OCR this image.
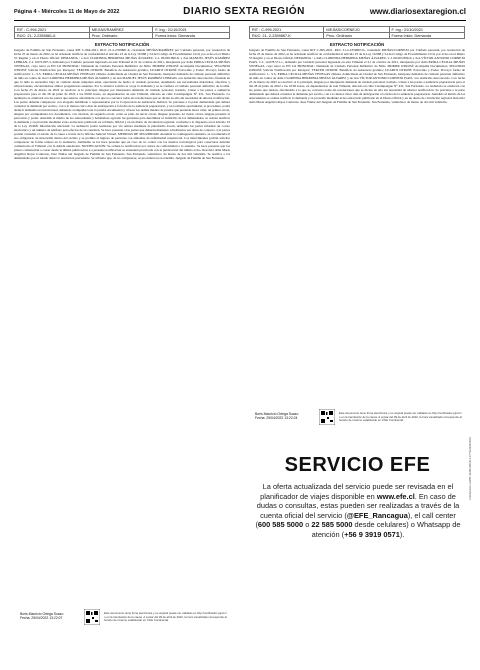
Página 4 - Miércoles 11 de Mayo de 2022	DIARIO SEXTA REGIÓN	www.diariosextaregion.cl
RIT : C-994-2021	MEJÍAS/RAMÍREZ	F. Ing.: 21/10/2021
RUC: 21- 2-2359861-6	Proc. Ordinario	Forma Inicio: Demanda
EXTRACTO NOTIFICACIÓN

Juzgado de Familia de San Fernando, causa RIT C-994-2021, RUC 21-2-2359861-6, caratulada MEJÍAS/RAMÍREZ por Cuidado personal, por resolución de fecha 25 de marzo de 2022, se ha ordenado notificar de conformidad al artículo 23 de la Ley 19.968 y 54 del Código de Procedimiento Civil, por aviso en el Diario VI Región y en el Diario Oficial: DEMANDA : a don CLORINDA HERMINIA MEJÍAS ÁLVAREZ, C.I. 06.065.890-K y don MANUEL JESÚS RAMÍREZ LEBRAN, C.I. 9.672.697-3, demanda por Cuidado personal ingresada en este Tribunal el 21 de octubre de 2021, interpuesta por doña ERIKA CECILIA MEJÍAS VENEGAS, cuyo tenor es EN LO PRINCIPAL: Demanda de Cuidado Personal Definitivo de Niño. PRIMER OTROSÍ: Acompaña Documentos; SEGUNDO OTROSÍ: Solicita Notificación por Receptor; TERCER OTROSÍ: Beneficio de Asistencia gratuita; CUARTO OTROSÍ: Patrocinio y Poder. Proveyó forma de notificación: 1.- S.S. ERIKA CECILIA MEJÍAS VENEGAS chilena, domiciliada en Ciudad de San Fernando, interpone demanda de cuidado personal definitivo de niño en contra de don CLORINDA HERMINIA MEJÍAS ÁLVAREZ y de don MANUEL JESÚS RAMÍREZ LEBRAN, con domicilio desconocido, fundada en que la niña se encuentra bajo su cuidado desde temprana edad, ejerciendo de hecho el cuidado personal, atendiendo sus necesidades materiales, afectivas y educacionales, encontrándose ambos progenitores ausentes. Por lo anterior solicita se acoja la demanda y se le confiera el cuidado personal definitivo de la niña. Con fecha 25 de marzo de 2022 se resolvió: A lo principal, téngase por interpuesta demanda de cuidado personal; traslado. Cítese a las partes a audiencia preparatoria para el día 28 de junio de 2022 a las 09:00 horas, en dependencias de este Tribunal, ubicado en calle Carampangue N° 431, San Fernando. La audiencia se celebrará con las partes que asistan, afectándole a la que no concurra todas las resoluciones que se dicten en ella sin necesidad de ulterior notificación. Las partes deberán comparecer con abogado habilitado o representadas por la Corporación de Asistencia Judicial. Se previene a la parte demandada que deberá contestar la demanda por escrito, con a lo menos cinco días de anticipación a la fecha de la audiencia preparatoria, y en la misma oportunidad, si procediere, podrá deducir demanda reconvencional, debiendo acompañar toda la prueba documental y ofrecer los demás medios de prueba que pretenda hacer valer. Al primer otrosí, téngase por acompañados los documentos, con citación. Al segundo otrosí, como se pide. Al tercer otrosí, téngase presente. Al cuarto otrosí, téngase presente el patrocinio y poder. Atendido el mérito de los antecedentes y habiéndose agotado las gestiones para determinar el domicilio de los demandados, se ordena notificar la demanda y su proveído mediante aviso extractado publicado en el Diario Oficial y en un diario de circulación regional, conforme a lo dispuesto en el artículo 23 de la Ley 19.968. Información adicional: La audiencia podrá realizarse por vía remota mediante la plataforma Zoom, debiendo las partes informar un correo electrónico y un número de teléfono para efectos de su conexión. Se hace presente a las partes que deberán mantener actualizados sus datos de contacto. Las partes podrán consultar el estado de la causa a través de la Oficina Judicial Virtual. MEDIDAS DE SEGURIDAD: Atendida la contingencia sanitaria, se recomienda el uso obligatorio de mascarilla dentro del recinto y se prohíbe el ingreso de personas con síntomas de enfermedad respiratoria. Los intervinientes podrán solicitar comparecer de forma remota en la audiencia. Asimismo se les hace presente que en caso de no contar con los medios tecnológicos para conectarse deberán comunicarlo al Tribunal con la debida antelación. NOTIFICACIÓN: Se ordena la notificación por avisos de conformidad a lo resuelto. Se hace presente que los plazos comenzarán a correr desde la última publicación. La presente notificación se entenderá practicada con la publicación del último aviso. Resolvió doña María Angélica Rojas Contreras, Juez Titular del Juzgado de Familia de San Fernando. San Fernando, veinticinco de marzo de dos mil veintidós. Se notifica a los demandados por el estado diario la resolución precedente. Se advierte que, de no comparecer, se procederá en su rebeldía. Juzgado de Familia de San Fernando.

Boris Mauricio Ortega Suazo
Fecha: 25/04/2022 13:22:07
Este documento tiene firma electrónica y su original puede ser validado en http://verificadoc.pjud.cl o en la tramitación de la causa. A contar del 09 de abril de 2022, la hora visualizada corresponde al horario de invierno establecido en Chile Continental.
RIT : C-995-2021	MEJÍAS/CORNEJO	F. Ing.: 21/10/2021
RUC: 21- 2-2359867-K	Proc. Ordinario	Forma Inicio: Demanda
EXTRACTO NOTIFICACIÓN

Juzgado de Familia de San Fernando, causa RIT C-995-2021, RUC 21-2-2359867-K, caratulada MEJÍAS/CORNEJO por Cuidado personal, por resolución de fecha 25 de marzo de 2022, se ha ordenado notificar de conformidad al artículo 23 de la Ley 19.968 y 54 del Código de Procedimiento Civil, por aviso en el Diario VI Región y en el Diario Oficial: DEMANDA : a doña CLORINDA HERMINIA MEJÍAS ÁLVAREZ, C.I. 06.065.890-K y don VÍCTOR ANTONIO CORNEJO ISAIS, C.I. 14.678.571-1, demanda por Cuidado personal ingresada en este Tribunal el 21 de octubre de 2021, interpuesta por doña ERIKA CECILIA MEJÍAS VENEGAS, cuyo tenor es EN LO PRINCIPAL: Demanda de Cuidado Personal Definitivo de Niño. PRIMER OTROSÍ: Acompaña Documentos; SEGUNDO OTROSÍ: Solicita Notificación por Receptor; TERCER OTROSÍ: Beneficio de Asistencia gratuita; CUARTO OTROSÍ: Patrocinio y Poder. Proveyó forma de notificación: 1.- S.S. ERIKA CECILIA MEJÍAS VENEGAS chilena, domiciliada en Ciudad de San Fernando, interpone demanda de cuidado personal definitivo de niño en contra de doña CLORINDA HERMINIA MEJÍAS ÁLVAREZ y de don VÍCTOR ANTONIO CORNEJO ISAIS, con domicilio desconocido. Con fecha 25 de marzo de 2022 se resolvió: A lo principal, téngase por interpuesta demanda de cuidado personal; traslado. Cítese a las partes a audiencia preparatoria para el día 28 de junio de 2022 a las 10:00 horas, en dependencias de este Tribunal, ubicado en calle Carampangue N° 431, San Fernando. La audiencia se celebrará con las partes que asistan, afectándole a la que no concurra todas las resoluciones que se dicten en ella sin necesidad de ulterior notificación. Se previene a la parte demandada que deberá contestar la demanda por escrito, con a lo menos cinco días de anticipación a la fecha de la audiencia preparatoria. Atendido el mérito de los antecedentes se ordena notificar la demanda y su proveído mediante aviso extractado publicado en el Diario Oficial y en un diario de circulación regional. Resolvió doña María Angélica Rojas Contreras, Juez Titular del Juzgado de Familia de San Fernando. San Fernando, veinticinco de marzo de dos mil veintidós.

Boris Mauricio Ortega Suazo
Fecha: 25/04/2022 13:22:24
Este documento tiene firma electrónica y su original puede ser validado en http://verificadoc.pjud.cl o en la tramitación de la causa. A contar del 09 de abril de 2022, la hora visualizada corresponde al horario de invierno establecido en Chile Continental.
A3D9A4A2-A2B5-4E0B-9B6D-1C77E6E6F0D0
SERVICIO EFE
La oferta actualizada del servicio puede ser revisada en el planificador de viajes disponible en www.efe.cl. En caso de dudas o consultas, estas pueden ser realizadas a través de la cuenta oficial del servicio (@EFE_Rancagua), el call center (600 585 5000 o 22 585 5000 desde celulares) o Whatsapp de atención (+56 9 3919 0571).
